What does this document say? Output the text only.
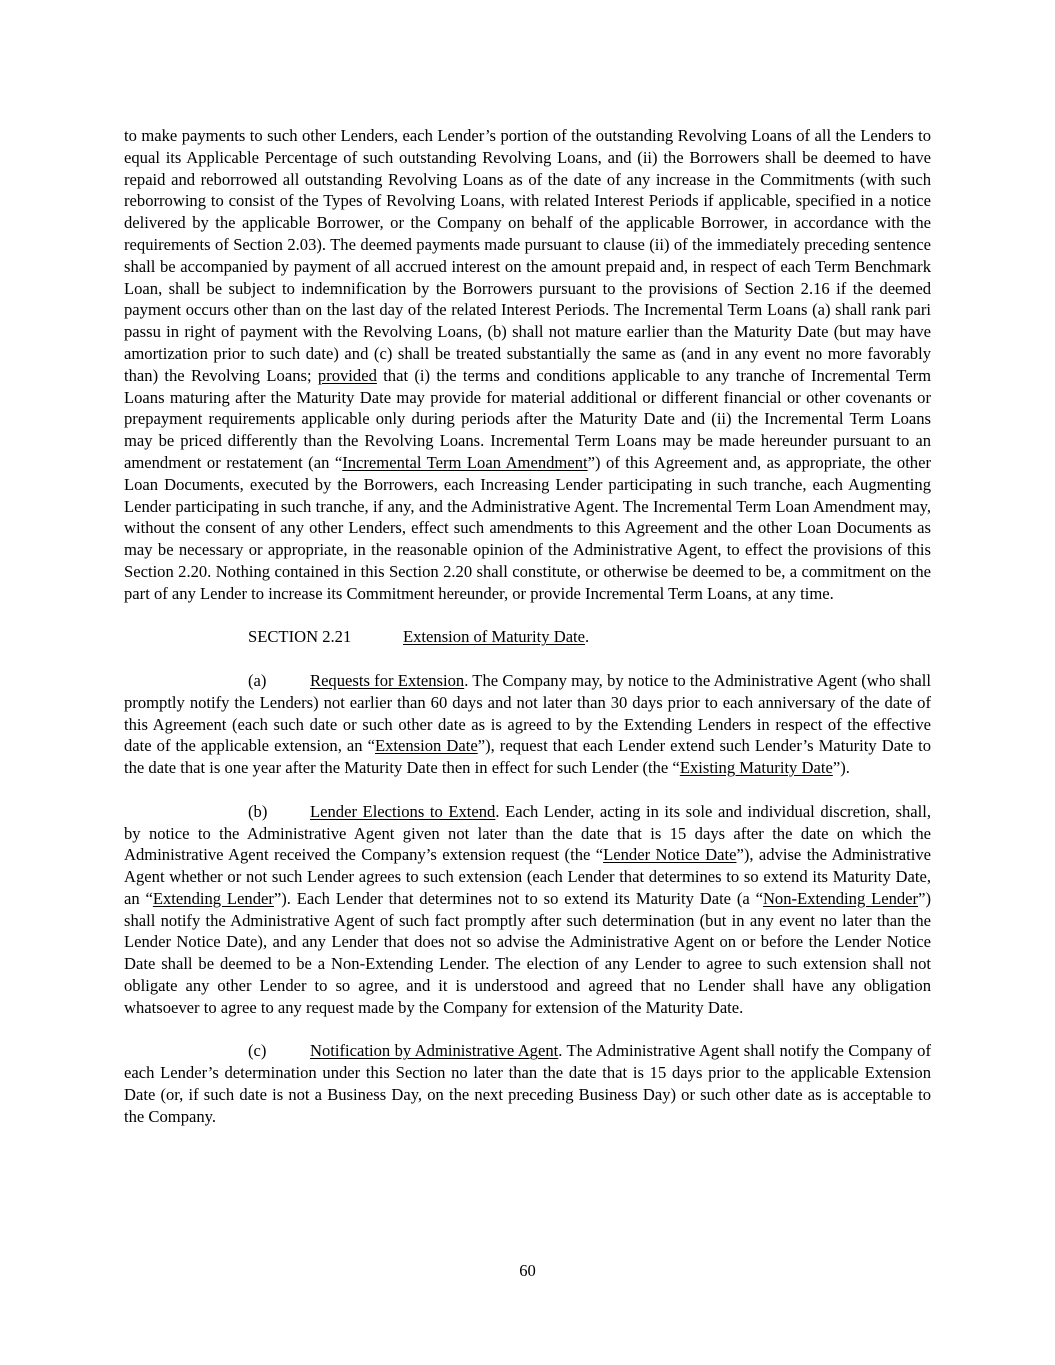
to make payments to such other Lenders, each Lender’s portion of the outstanding Revolving Loans of all the Lenders to equal its Applicable Percentage of such outstanding Revolving Loans, and (ii) the Borrowers shall be deemed to have repaid and reborrowed all outstanding Revolving Loans as of the date of any increase in the Commitments (with such reborrowing to consist of the Types of Revolving Loans, with related Interest Periods if applicable, specified in a notice delivered by the applicable Borrower, or the Company on behalf of the applicable Borrower, in accordance with the requirements of Section 2.03). The deemed payments made pursuant to clause (ii) of the immediately preceding sentence shall be accompanied by payment of all accrued interest on the amount prepaid and, in respect of each Term Benchmark Loan, shall be subject to indemnification by the Borrowers pursuant to the provisions of Section 2.16 if the deemed payment occurs other than on the last day of the related Interest Periods. The Incremental Term Loans (a) shall rank pari passu in right of payment with the Revolving Loans, (b) shall not mature earlier than the Maturity Date (but may have amortization prior to such date) and (c) shall be treated substantially the same as (and in any event no more favorably than) the Revolving Loans; provided that (i) the terms and conditions applicable to any tranche of Incremental Term Loans maturing after the Maturity Date may provide for material additional or different financial or other covenants or prepayment requirements applicable only during periods after the Maturity Date and (ii) the Incremental Term Loans may be priced differently than the Revolving Loans. Incremental Term Loans may be made hereunder pursuant to an amendment or restatement (an “Incremental Term Loan Amendment”) of this Agreement and, as appropriate, the other Loan Documents, executed by the Borrowers, each Increasing Lender participating in such tranche, each Augmenting Lender participating in such tranche, if any, and the Administrative Agent. The Incremental Term Loan Amendment may, without the consent of any other Lenders, effect such amendments to this Agreement and the other Loan Documents as may be necessary or appropriate, in the reasonable opinion of the Administrative Agent, to effect the provisions of this Section 2.20. Nothing contained in this Section 2.20 shall constitute, or otherwise be deemed to be, a commitment on the part of any Lender to increase its Commitment hereunder, or provide Incremental Term Loans, at any time.

SECTION 2.21	Extension of Maturity Date.

(a)	Requests for Extension. The Company may, by notice to the Administrative Agent (who shall promptly notify the Lenders) not earlier than 60 days and not later than 30 days prior to each anniversary of the date of this Agreement (each such date or such other date as is agreed to by the Extending Lenders in respect of the effective date of the applicable extension, an “Extension Date”), request that each Lender extend such Lender’s Maturity Date to the date that is one year after the Maturity Date then in effect for such Lender (the “Existing Maturity Date”).

(b)	Lender Elections to Extend. Each Lender, acting in its sole and individual discretion, shall, by notice to the Administrative Agent given not later than the date that is 15 days after the date on which the Administrative Agent received the Company’s extension request (the “Lender Notice Date”), advise the Administrative Agent whether or not such Lender agrees to such extension (each Lender that determines to so extend its Maturity Date, an “Extending Lender”). Each Lender that determines not to so extend its Maturity Date (a “Non-Extending Lender”) shall notify the Administrative Agent of such fact promptly after such determination (but in any event no later than the Lender Notice Date), and any Lender that does not so advise the Administrative Agent on or before the Lender Notice Date shall be deemed to be a Non-Extending Lender. The election of any Lender to agree to such extension shall not obligate any other Lender to so agree, and it is understood and agreed that no Lender shall have any obligation whatsoever to agree to any request made by the Company for extension of the Maturity Date.

(c)	Notification by Administrative Agent. The Administrative Agent shall notify the Company of each Lender’s determination under this Section no later than the date that is 15 days prior to the applicable Extension Date (or, if such date is not a Business Day, on the next preceding Business Day) or such other date as is acceptable to the Company.

60
